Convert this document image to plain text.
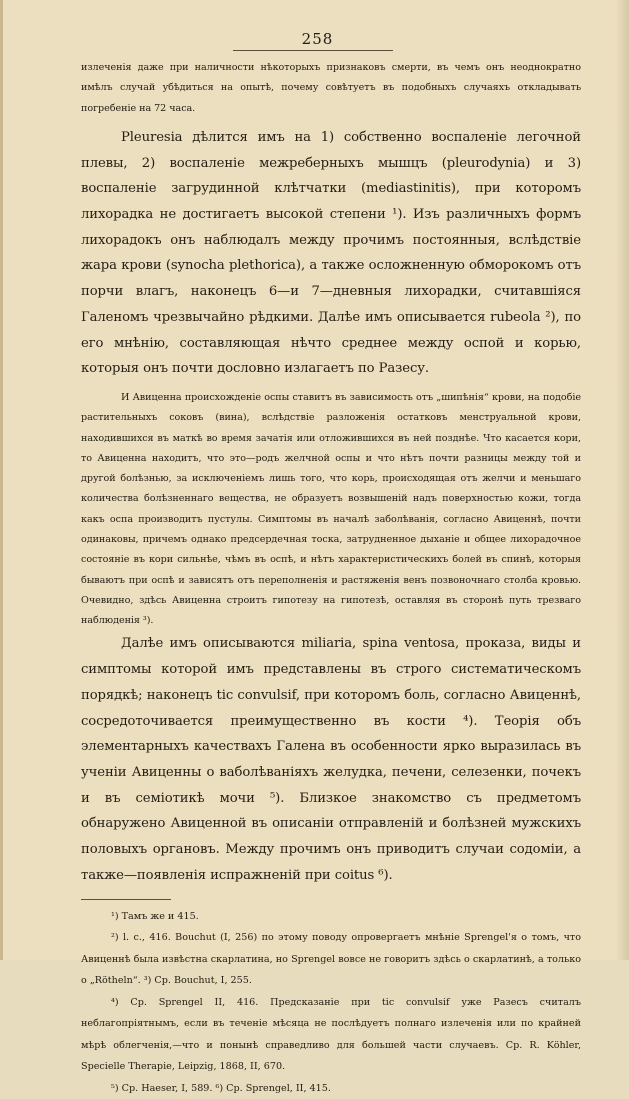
258

излеченія даже при наличности нѣкоторыхъ признаковъ смерти, въ чемъ онъ неоднократно имѣлъ случай убѣдиться на опытѣ, почему совѣтуетъ въ подобныхъ случаяхъ откладывать погребеніе на 72 часа.

Pleuresia дѣлится имъ на 1) собственно воспаленіе легочной плевы, 2) воспаленіе межреберныхъ мышцъ (pleurodynia) и 3) воспаленіе загрудинной клѣтчатки (mediastinitis), при которомъ лихорадка не достигаетъ высокой степени ¹). Изъ различныхъ формъ лихорадокъ онъ наблюдалъ между прочимъ постоянныя, вслѣдствіе жара крови (synocha plethorica), а также осложненную обморокомъ отъ порчи влагъ, наконецъ 6—и 7—дневныя лихорадки, считавшіяся Галеномъ чрезвычайно рѣдкими. Далѣе имъ описывается rubeola ²), по его мнѣнію, составляющая нѣчто среднее между оспой и корью, которыя онъ почти дословно излагаетъ по Разесу.

И Авиценна происхожденіе оспы ставитъ въ зависимость отъ „шипѣнія“ крови, на подобіе растительныхъ соковъ (вина), вслѣдствіе разложенія остатковъ менструальной крови, находившихся въ маткѣ во время зачатія или отложившихся въ ней позднѣе. Что касается кори, то Авиценна находитъ, что это—родъ желчной оспы и что нѣтъ почти разницы между той и другой болѣзнью, за исключеніемъ лишь того, что корь, происходящая отъ желчи и меньшаго количества болѣзненнаго вещества, не образуетъ возвышеній надъ поверхностью кожи, тогда какъ оспа производитъ пустулы. Симптомы въ началѣ заболѣванія, согласно Авиценнѣ, почти одинаковы, причемъ однако предсердечная тоска, затрудненное дыханіе и общее лихорадочное состояніе въ кори сильнѣе, чѣмъ въ оспѣ, и нѣтъ характеристическихъ болей въ спинѣ, которыя бываютъ при оспѣ и зависятъ отъ переполненія и растяженія венъ позвоночнаго столба кровью. Очевидно, здѣсь Авиценна строитъ гипотезу на гипотезѣ, оставляя въ сторонѣ путь трезваго наблюденія ³).

Далѣе имъ описываются miliaria, spina ventosa, проказа, виды и симптомы которой имъ представлены въ строго систематическомъ порядкѣ; наконецъ tic convulsif, при которомъ боль, согласно Авиценнѣ, сосредоточивается преимущественно въ кости ⁴). Теорія объ элементарныхъ качествахъ Галена въ особенности ярко выразилась въ ученіи Авиценны о ваболѣваніяхъ желудка, печени, селезенки, почекъ и въ семіотикѣ мочи ⁵). Близкое знакомство съ предметомъ обнаружено Авиценной въ описаніи отправленій и болѣзней мужскихъ половыхъ органовъ. Между прочимъ онъ приводитъ случаи содоміи, а также—появленія испражненій при coitus ⁶).

¹) Тамъ же и 415.

²) l. c., 416. Bouchut (I, 256) по этому поводу опровергаетъ мнѣніе Sprengel'я о томъ, что Авиценнѣ была извѣстна скарлатина, но Sprengel вовсе не говоритъ здѣсь о скарлатинѣ, а только о „Rötheln“. ³) Ср. Bouchut, I, 255.

⁴) Ср. Sprengel II, 416. Предсказаніе при tic convulsif уже Разесъ считалъ неблагопріятнымъ, если въ теченіе мѣсяца не послѣдуетъ полнаго излеченія или по крайней мѣрѣ облегченія,—что и понынѣ справедливо для большей части случаевъ. Ср. R. Köhler, Specielle Therapie, Leipzig, 1868, II, 670.

⁵) Ср. Haeser, I, 589. ⁶) Ср. Sprengel, II, 415.
